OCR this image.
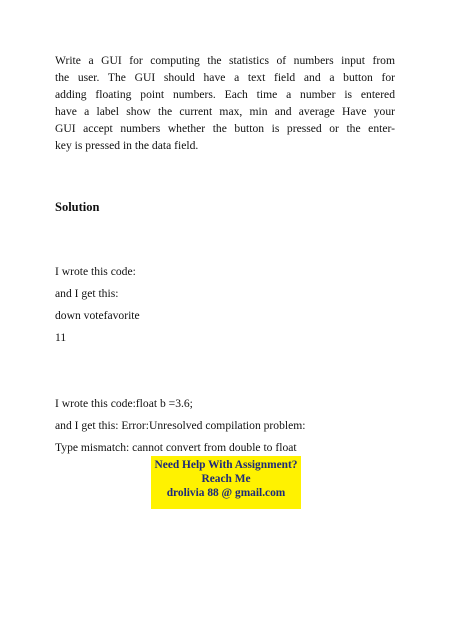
Write a GUI for computing the statistics of numbers input from
the user. The GUI should have a text field and a button for
adding floating point numbers. Each time a number is entered
have a label show the current max, min and average Have your
GUI accept numbers whether the button is pressed or the enter-
key is pressed in the data field.
Solution
I wrote this code:
and I get this:
down votefavorite
11
I wrote this code:float b =3.6;
and I get this: Error:Unresolved compilation problem:
Type mismatch: cannot convert from double to float
Need Help With Assignment?
Reach Me
drolivia 88 @ gmail.com
